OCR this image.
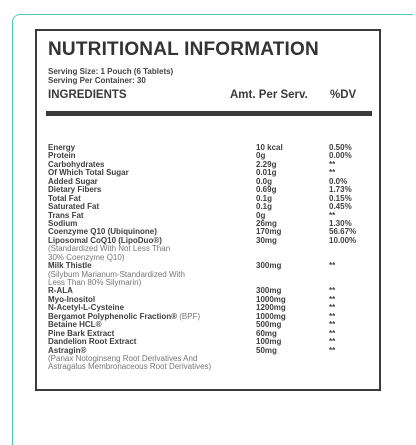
NUTRITIONAL INFORMATION
Serving Size: 1 Pouch (6 Tablets)
Serving Per Container: 30
INGREDIENTS	Amt. Per Serv. %DV
Energy	10 kcal	0.50%
Protein	0g	0.00%
Carbohydrates	2.29g	**
Of Which Total Sugar	0.01g	**
Added Sugar	0.0g	0.0%
Dietary Fibers	0.69g	1.73%
Total Fat	0.1g	0.15%
Saturated Fat	0.1g	0.45%
Trans Fat	0g	**
Sodium	26mg	1.30%
Coenzyme Q10 (Ubiquinone)	170mg	56.67%
Liposomal CoQ10 (LipoDuo®)	30mg	10.00%
(Standardized With Not Less Than
30% Coenzyme Q10)
Milk Thistle	300mg	**
(Silybum Marianum-Standardized With
Less Than 80% Silymarin)
R-ALA	300mg	**
Myo-Inositol	1000mg	**
N-Acetyl-L-Cysteine	1200mg	**
Bergamot Polyphenolic Fraction® (BPF)	1000mg	**
Betaine HCL®	500mg	**
Pine Bark Extract	60mg	**
Dandelion Root Extract	100mg	**
Astragin®	50mg	**
(Panax Notoginseng Root Derivatives And
Astragalus Membronaceous Root Derivatives)
